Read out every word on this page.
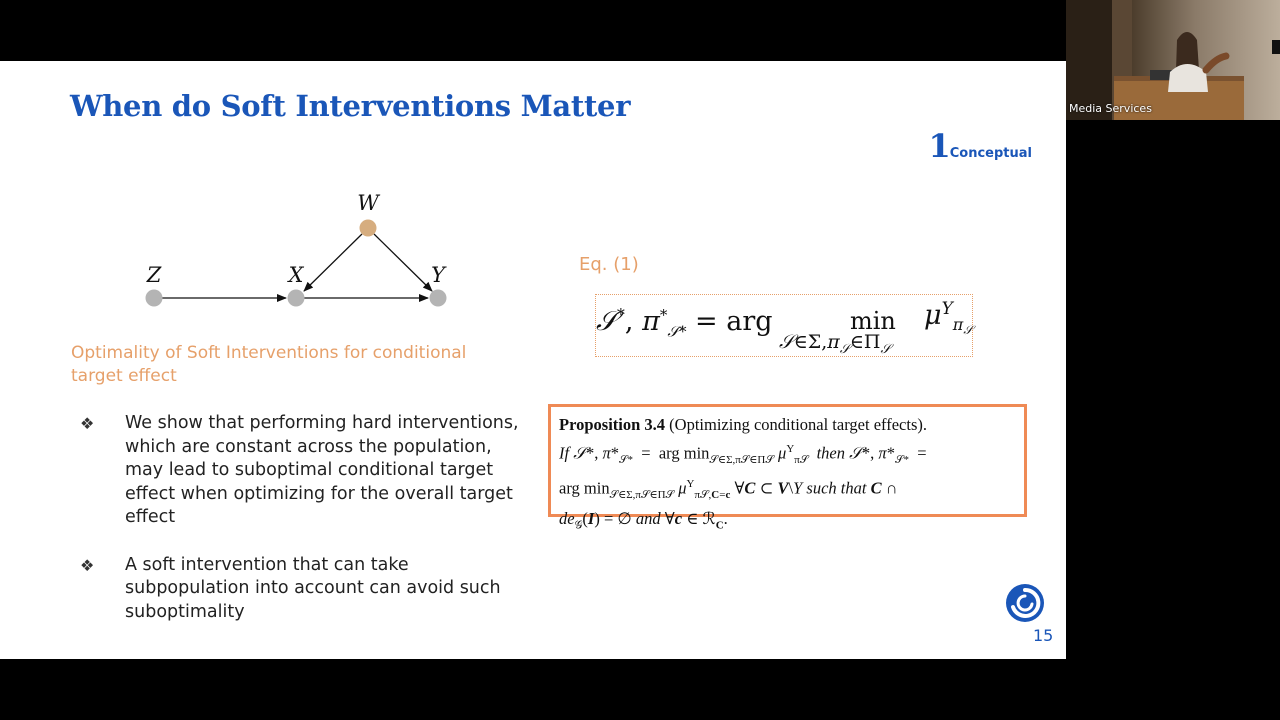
When do Soft Interventions Matter
1Conceptual
W
Z	X	Y
Optimality of Soft Interventions for conditional target effect
❖ We show that performing hard interventions, which are constant across the population, may lead to suboptimal conditional target effect when optimizing for the overall target effect
❖ A soft intervention that can take subpopulation into account can avoid such suboptimality
Eq. (1)
𝒮*, $\pi^*_{𝒮*}$ = arg	min
$𝒮\in\Sigma,\pi_𝒮\in\Pi_𝒮$
$\mu^Y_{\pi_𝒮}$
Proposition 3.4 (Optimizing conditional target effects).
If 𝒮*, $\pi*_{𝒮*}$  =  arg $\min_{𝒮\in\Sigma,\pi 𝒮\in\Pi 𝒮} \mu^Y_{\pi 𝒮}$ then 𝒮*, $\pi*_{𝒮*}$  =
arg $\min_{𝒮\in\Sigma,\pi 𝒮\in\Pi 𝒮} \mu^Y_{\pi 𝒮,C=c}$ ∀C ⊂ V\Y such that C ∩
$de_𝒢(I)$ = ∅ and ∀c ∈ ℛ$_C$.
15
Media Services
